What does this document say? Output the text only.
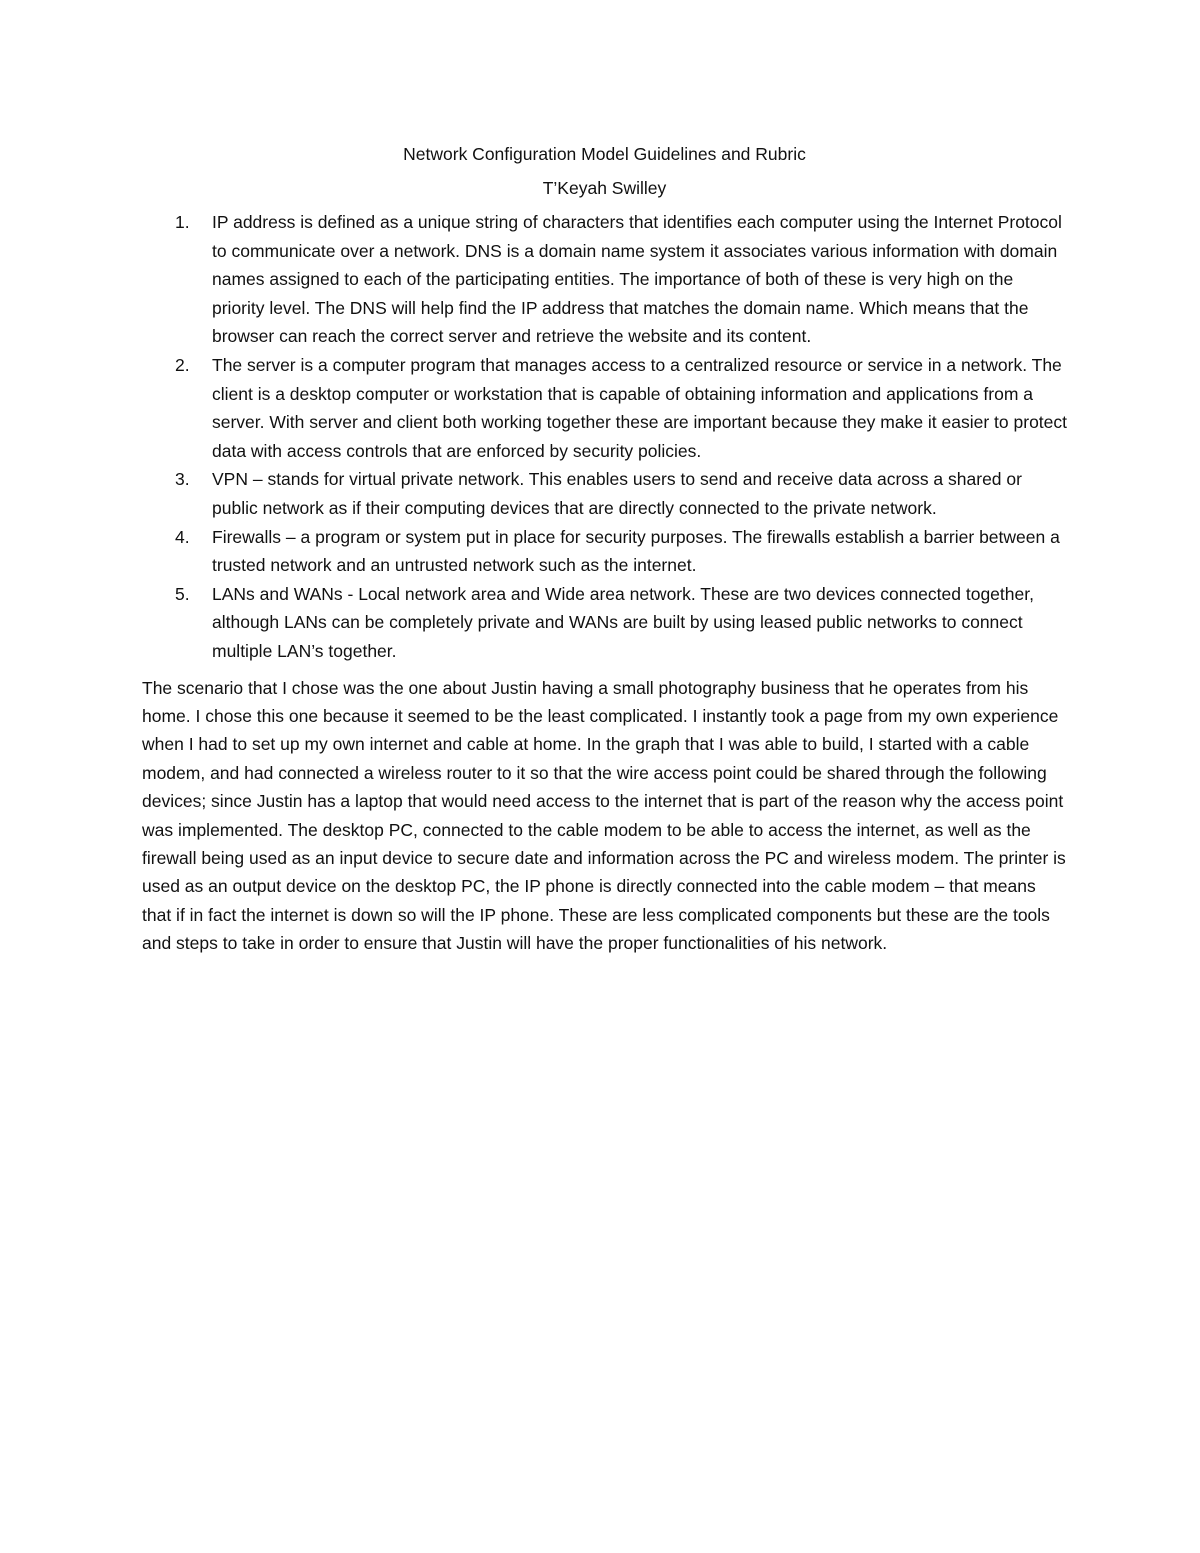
Network Configuration Model Guidelines and Rubric
T’Keyah Swilley
1. IP address is defined as a unique string of characters that identifies each computer using the Internet Protocol to communicate over a network. DNS is a domain name system it associates various information with domain names assigned to each of the participating entities. The importance of both of these is very high on the priority level. The DNS will help find the IP address that matches the domain name. Which means that the browser can reach the correct server and retrieve the website and its content.
2. The server is a computer program that manages access to a centralized resource or service in a network. The client is a desktop computer or workstation that is capable of obtaining information and applications from a server. With server and client both working together these are important because they make it easier to protect data with access controls that are enforced by security policies.
3. VPN – stands for virtual private network. This enables users to send and receive data across a shared or public network as if their computing devices that are directly connected to the private network.
4. Firewalls – a program or system put in place for security purposes. The firewalls establish a barrier between a trusted network and an untrusted network such as the internet.
5. LANs and WANs - Local network area and Wide area network. These are two devices connected together, although LANs can be completely private and WANs are built by using leased public networks to connect multiple LAN’s together.

The scenario that I chose was the one about Justin having a small photography business that he operates from his home. I chose this one because it seemed to be the least complicated. I instantly took a page from my own experience when I had to set up my own internet and cable at home. In the graph that I was able to build, I started with a cable modem, and had connected a wireless router to it so that the wire access point could be shared through the following devices; since Justin has a laptop that would need access to the internet that is part of the reason why the access point was implemented. The desktop PC, connected to the cable modem to be able to access the internet, as well as the firewall being used as an input device to secure date and information across the PC and wireless modem. The printer is used as an output device on the desktop PC, the IP phone is directly connected into the cable modem – that means that if in fact the internet is down so will the IP phone. These are less complicated components but these are the tools and steps to take in order to ensure that Justin will have the proper functionalities of his network.
